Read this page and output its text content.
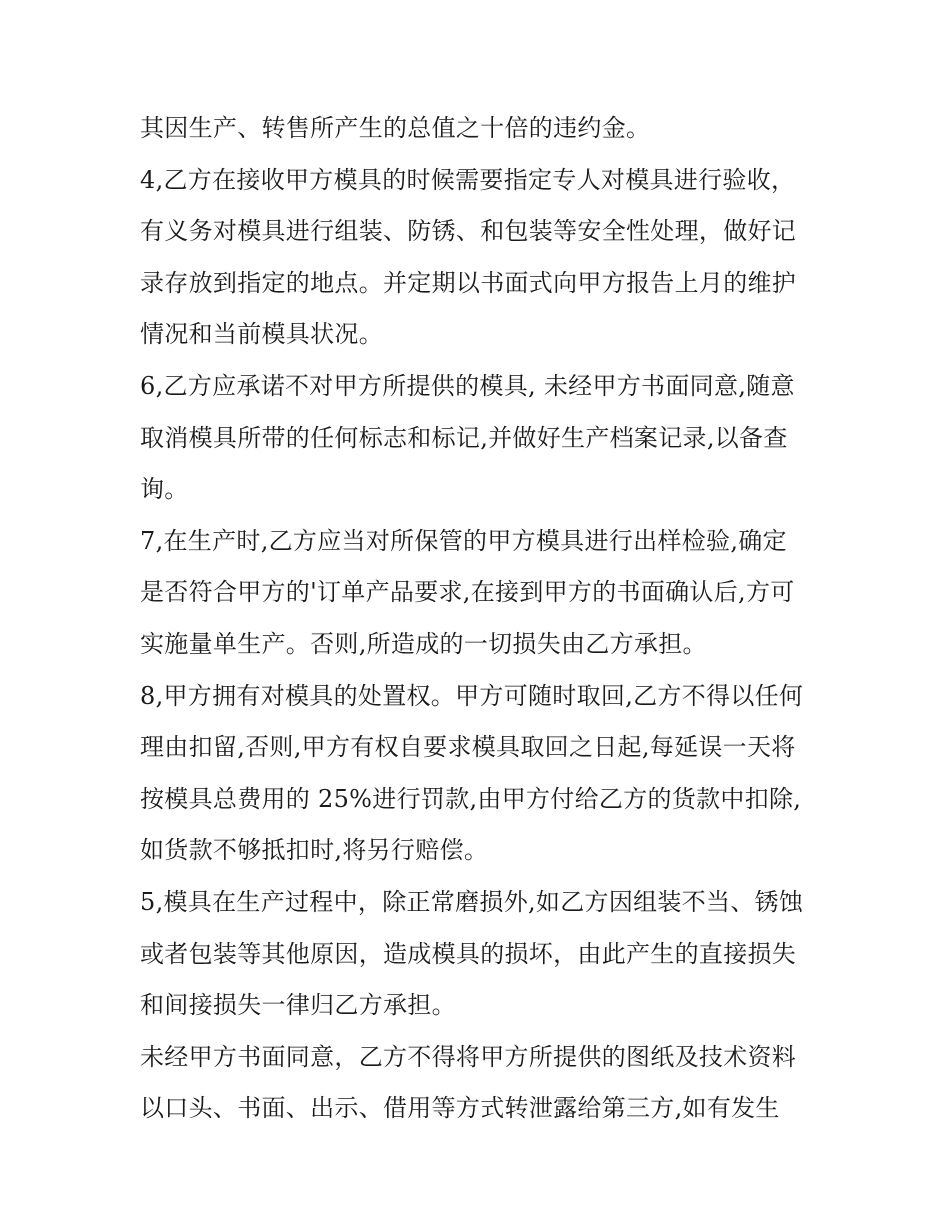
其因生产、转售所产生的总值之十倍的违约金。
4,乙方在接收甲方模具的时候需要指定专人对模具进行验收，
有义务对模具进行组装、防锈、和包装等安全性处理，做好记
录存放到指定的地点。并定期以书面式向甲方报告上月的维护
情况和当前模具状况。
6,乙方应承诺不对甲方所提供的模具, 未经甲方书面同意,随意
取消模具所带的任何标志和标记,并做好生产档案记录,以备查
询。
7,在生产时,乙方应当对所保管的甲方模具进行出样检验,确定
是否符合甲方的'订单产品要求,在接到甲方的书面确认后,方可
实施量单生产。否则,所造成的一切损失由乙方承担。
8,甲方拥有对模具的处置权。甲方可随时取回,乙方不得以任何
理由扣留,否则,甲方有权自要求模具取回之日起,每延误一天将
按模具总费用的 25%进行罚款,由甲方付给乙方的货款中扣除,
如货款不够抵扣时,将另行赔偿。
5,模具在生产过程中，除正常磨损外,如乙方因组装不当、锈蚀
或者包装等其他原因，造成模具的损坏，由此产生的直接损失
和间接损失一律归乙方承担。
未经甲方书面同意，乙方不得将甲方所提供的图纸及技术资料
以口头、书面、出示、借用等方式转泄露给第三方,如有发生
